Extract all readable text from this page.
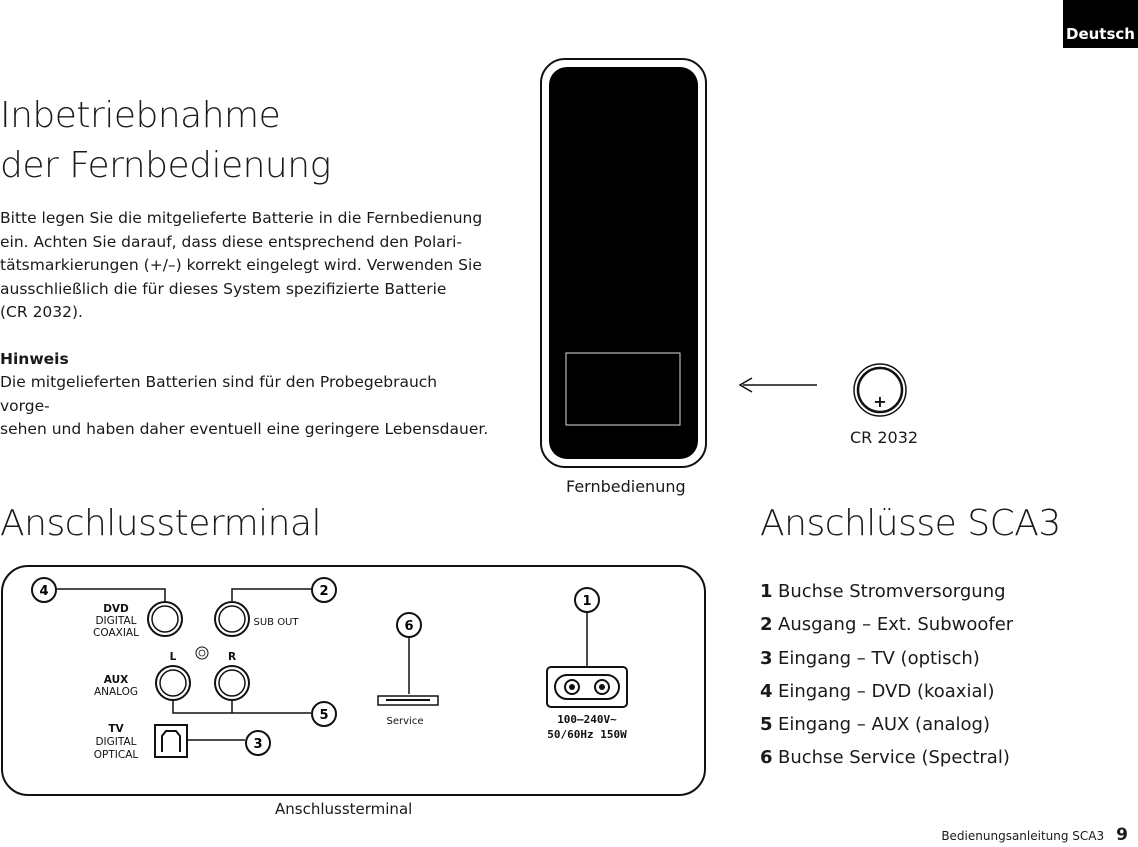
Deutsch
Inbetriebnahme
der Fernbedienung

Bitte legen Sie die mitgelieferte Batterie in die Fernbedienung

ein. Achten Sie darauf, dass diese entsprechend den Polari-

tätsmarkierungen (+/–) korrekt eingelegt wird. Verwenden Sie

ausschließlich die für dieses System spezifizierte Batterie

(CR 2032).

Hinweis

Die mitgelieferten Batterien sind für den Probegebrauch vorge-

sehen und haben daher eventuell eine geringere Lebensdauer.

+
CR 2032
Fernbedienung
Anschlussterminal	Anschlüsse SCA3
4	2
6
1
5
3
DVD
DIGITAL
COAXIAL
AUX
ANALOG
TV
DIGITAL
OPTICAL
L	R
SUB OUT
Service	100–240V~
50/60Hz 150W
Anschlussterminal
1 Buchse Stromversorgung
2 Ausgang – Ext. Subwoofer
3 Eingang – TV (optisch)
4 Eingang – DVD (koaxial)
5 Eingang – AUX (analog)
6 Buchse Service (Spectral)
Bedienungsanleitung SCA3 9
